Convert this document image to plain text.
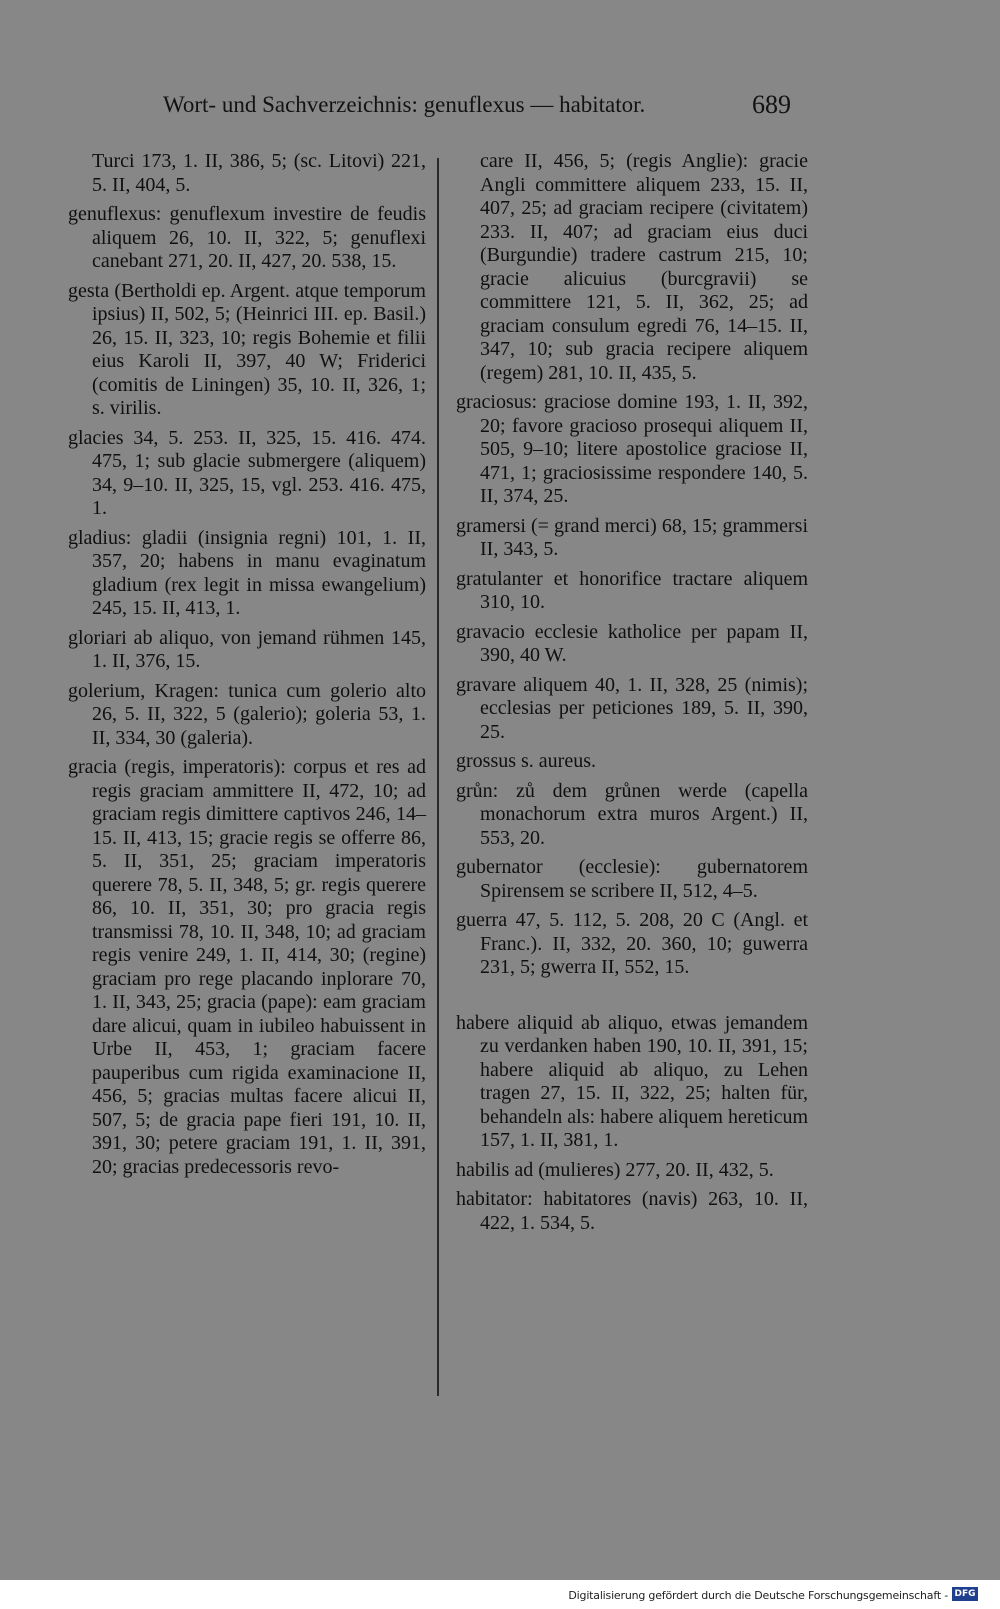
Wort- und Sachverzeichnis: genuflexus — habitator.	689

Turci 173, 1. II, 386, 5; (sc. Litovi) 221, 5. II, 404, 5.

genuflexus: genuflexum investire de feudis aliquem 26, 10. II, 322, 5; genuflexi canebant 271, 20. II, 427, 20. 538, 15.

gesta (Bertholdi ep. Argent. atque temporum ipsius) II, 502, 5; (Heinrici III. ep. Basil.) 26, 15. II, 323, 10; regis Bohemie et filii eius Karoli II, 397, 40 W; Friderici (comitis de Liningen) 35, 10. II, 326, 1; s. virilis.

glacies 34, 5. 253. II, 325, 15. 416. 474. 475, 1; sub glacie submergere (aliquem) 34, 9–10. II, 325, 15, vgl. 253. 416. 475, 1.

gladius: gladii (insignia regni) 101, 1. II, 357, 20; habens in manu evaginatum gladium (rex legit in missa ewangelium) 245, 15. II, 413, 1.

gloriari ab aliquo, von jemand rühmen 145, 1. II, 376, 15.

golerium, Kragen: tunica cum golerio alto 26, 5. II, 322, 5 (galerio); goleria 53, 1. II, 334, 30 (galeria).

gracia (regis, imperatoris): corpus et res ad regis graciam ammittere II, 472, 10; ad graciam regis dimittere captivos 246, 14–15. II, 413, 15; gracie regis se offerre 86, 5. II, 351, 25; graciam imperatoris querere 78, 5. II, 348, 5; gr. regis querere 86, 10. II, 351, 30; pro gracia regis transmissi 78, 10. II, 348, 10; ad graciam regis venire 249, 1. II, 414, 30; (regine) graciam pro rege placando inplorare 70, 1. II, 343, 25; gracia (pape): eam graciam dare alicui, quam in iubileo habuissent in Urbe II, 453, 1; graciam facere pauperibus cum rigida examinacione II, 456, 5; gracias multas facere alicui II, 507, 5; de gracia pape fieri 191, 10. II, 391, 30; petere graciam 191, 1. II, 391, 20; gracias predecessoris revo-

care II, 456, 5; (regis Anglie): gracie Angli committere aliquem 233, 15. II, 407, 25; ad graciam recipere (civitatem) 233. II, 407; ad graciam eius duci (Burgundie) tradere castrum 215, 10; gracie alicuius (burcgravii) se committere 121, 5. II, 362, 25; ad graciam consulum egredi 76, 14–15. II, 347, 10; sub gracia recipere aliquem (regem) 281, 10. II, 435, 5.

graciosus: graciose domine 193, 1. II, 392, 20; favore gracioso prosequi aliquem II, 505, 9–10; litere apostolice graciose II, 471, 1; graciosissime respondere 140, 5. II, 374, 25.

gramersi (= grand merci) 68, 15; grammersi II, 343, 5.

gratulanter et honorifice tractare aliquem 310, 10.

gravacio ecclesie katholice per papam II, 390, 40 W.

gravare aliquem 40, 1. II, 328, 25 (nimis); ecclesias per peticiones 189, 5. II, 390, 25.

grossus s. aureus.

grůn: zů dem grůnen werde (capella monachorum extra muros Argent.) II, 553, 20.

gubernator (ecclesie): gubernatorem Spirensem se scribere II, 512, 4–5.

guerra 47, 5. 112, 5. 208, 20 C (Angl. et Franc.). II, 332, 20. 360, 10; guwerra 231, 5; gwerra II, 552, 15.

habere aliquid ab aliquo, etwas jemandem zu verdanken haben 190, 10. II, 391, 15; habere aliquid ab aliquo, zu Lehen tragen 27, 15. II, 322, 25; halten für, behandeln als: habere aliquem hereticum 157, 1. II, 381, 1.

habilis ad (mulieres) 277, 20. II, 432, 5.

habitator: habitatores (navis) 263, 10. II, 422, 1. 534, 5.

Digitalisierung gefördert durch die Deutsche Forschungsgemeinschaft - DFG
